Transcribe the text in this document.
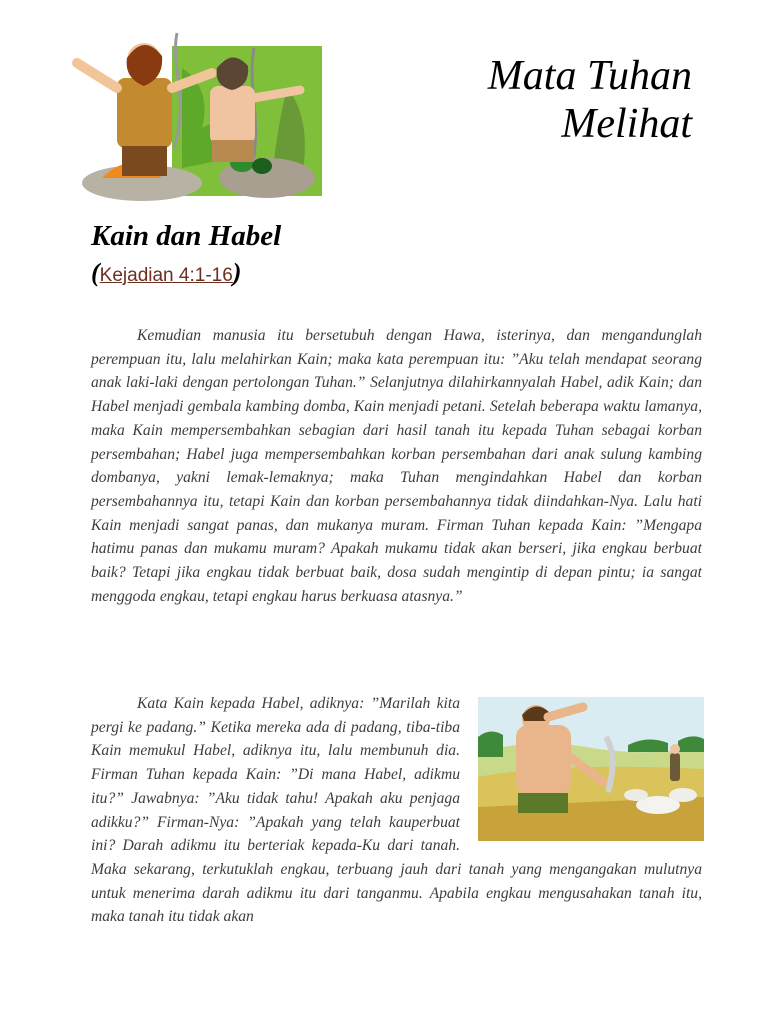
Mata Tuhan
Melihat
Kain dan Habel
(Kejadian 4:1-16)

Kemudian manusia itu bersetubuh dengan Hawa, isterinya, dan mengandunglah perempuan itu, lalu melahirkan Kain; maka kata perempuan itu: ”Aku telah mendapat seorang anak laki-laki dengan pertolongan Tuhan.” Selanjutnya dilahirkannyalah Habel, adik Kain; dan Habel menjadi gembala kambing domba, Kain menjadi petani. Setelah beberapa waktu lamanya, maka Kain mempersembahkan sebagian dari hasil tanah itu kepada Tuhan sebagai korban persembahan; Habel juga mempersembahkan korban persembahan dari anak sulung kambing dombanya, yakni lemak-lemaknya; maka Tuhan mengindahkan Habel dan korban persembahannya itu, tetapi Kain dan korban persembahannya tidak diindahkan-Nya. Lalu hati Kain menjadi sangat panas, dan mukanya muram. Firman Tuhan kepada Kain: ”Mengapa hatimu panas dan mukamu muram? Apakah mukamu tidak akan berseri, jika engkau berbuat baik? Tetapi jika engkau tidak berbuat baik, dosa sudah mengintip di depan pintu; ia sangat menggoda engkau, tetapi engkau harus berkuasa atasnya.”

Kata Kain kepada Habel, adiknya: ”Marilah kita pergi ke padang.” Ketika mereka ada di padang, tiba-tiba Kain memukul Habel, adiknya itu, lalu membunuh dia. Firman Tuhan kepada Kain: ”Di mana Habel, adikmu itu?” Jawabnya: ”Aku tidak tahu! Apakah aku penjaga adikku?” Firman-Nya: ”Apakah yang telah kauperbuat ini? Darah adikmu itu berteriak kepada-Ku dari tanah. Maka sekarang, terkutuklah engkau, terbuang jauh dari tanah yang mengangakan mulutnya untuk menerima darah adikmu itu dari tanganmu. Apabila engkau mengusahakan tanah itu, maka tanah itu tidak akan
